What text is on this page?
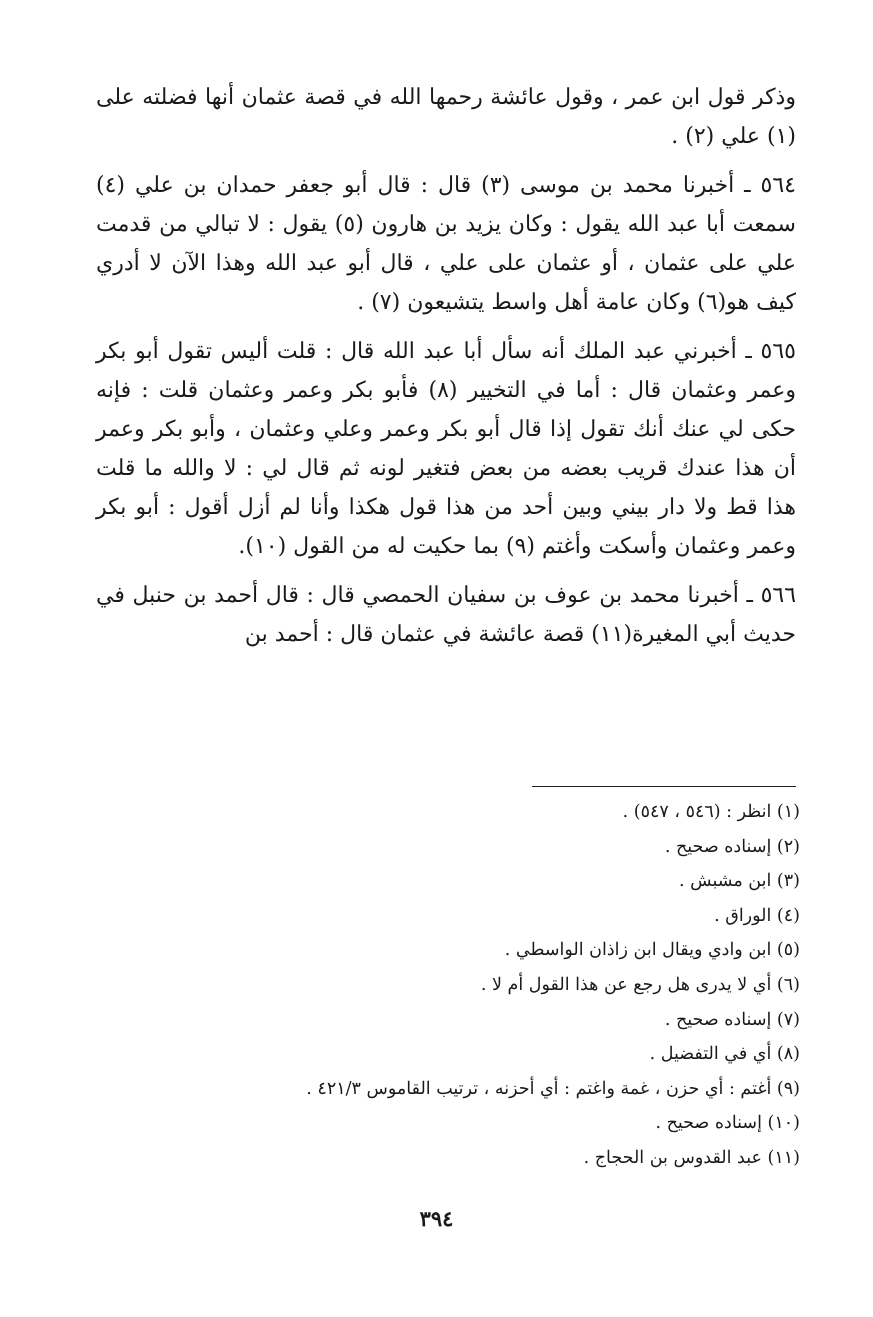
وذكر قول ابن عمر ، وقول عائشة رحمها الله في قصة عثمان أنها فضلته على (١) علي (٢) .

٥٦٤ ـ أخبرنا محمد بن موسى (٣) قال : قال أبو جعفر حمدان بن علي (٤) سمعت أبا عبد الله يقول : وكان يزيد بن هارون (٥) يقول : لا تبالي من قدمت علي على عثمان ، أو عثمان على علي ، قال أبو عبد الله وهذا الآن لا أدري كيف هو(٦) وكان عامة أهل واسط يتشيعون (٧) .

٥٦٥ ـ أخبرني عبد الملك أنه سأل أبا عبد الله قال : قلت أليس تقول أبو بكر وعمر وعثمان قال : أما في التخيير (٨) فأبو بكر وعمر وعثمان قلت : فإنه حكى لي عنك أنك تقول إذا قال أبو بكر وعمر وعلي وعثمان ، وأبو بكر وعمر أن هذا عندك قريب بعضه من بعض فتغير لونه ثم قال لي : لا والله ما قلت هذا قط ولا دار بيني وبين أحد من هذا قول هكذا وأنا لم أزل أقول : أبو بكر وعمر وعثمان وأسكت وأغتم (٩) بما حكيت له من القول (١٠).

٥٦٦ ـ أخبرنا محمد بن عوف بن سفيان الحمصي قال : قال أحمد بن حنبل في حديث أبي المغيرة(١١) قصة عائشة في عثمان قال : أحمد بن

(١) انظر : (٥٤٦ ، ٥٤٧) .

(٢) إسناده صحيح .

(٣) ابن مشبش .

(٤) الوراق .

(٥) ابن وادي ويقال ابن زاذان الواسطي .

(٦) أي لا يدرى هل رجع عن هذا القول أم لا .

(٧) إسناده صحيح .

(٨) أي في التفضيل .

(٩) أغتم : أي حزن ، غمة واغتم : أي أحزنه ، ترتيب القاموس ٤٢١/٣ .

(١٠) إسناده صحيح .

(١١) عبد القدوس بن الحجاج .

٣٩٤
